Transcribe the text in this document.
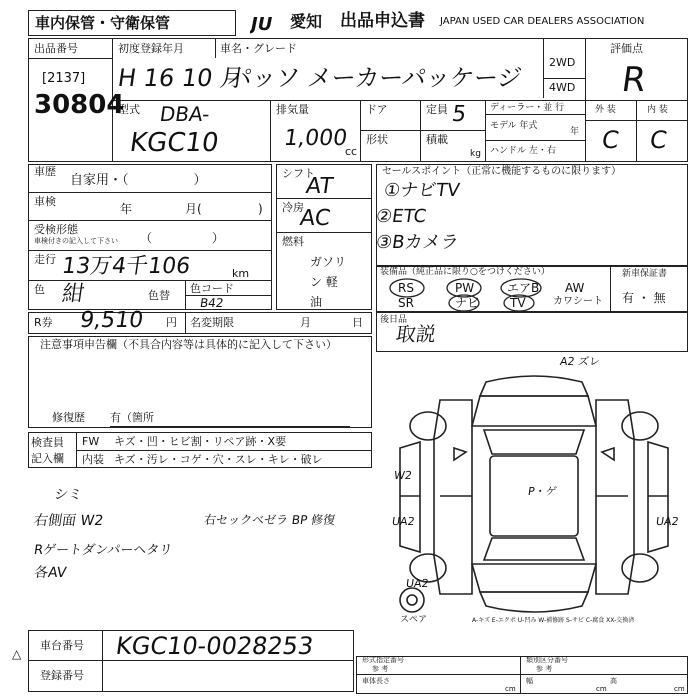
車内保管・守衛保管	JU 愛知 出品申込書 JAPAN USED CAR DEALERS ASSOCIATION
出品番号
[2137]
30804
初度登録年月
H 16 10 月
車名・グレード
パッソ メーカーパッケージ
2WD
4WD
評価点
R
外 装	内 装
C C
型式 DBA-
KGC10
排気量
1,000
cc
ドア
形状
定員 5
積載
kg
ディーラー・並 行
モデル 年式
年
ハンドル 左・右
車歴
自家用・（　　　　　）
車検
年	月(	)
受検形態
車検付きの記入して下さい （　　　　　）
走行 13万4千106	km
色 紺	色替
色コード
B42
シフト
AT
冷房
AC
燃料
ガソリン 軽 油
セールスポイント（正常に機能するものに限ります）
①ナビTV
②ETC
③Bカメラ
装備品（純正品に限り○をつけください）
RS	PW	エアB AW
SR	ナビ	TV	カワシート
新車保証書
有 ・ 無
R券 9,510 円 名変期限	月	日 後日品
取説
注意事項申告欄（不具合内容等は具体的に記入して下さい）
修復歴 有（箇所
検査員
記入欄
FW キズ・凹・ヒビ割・リペア跡・X要
内装 キズ・汚レ・コゲ・穴・スレ・キレ・破レ
シミ
右側面 W2
Rゲートダンパーヘタリ
各AV
右セックベゼラ BP 修復
A2 ズレ
W2
UA2
P・ゲ
UA2
UA2
スペア	A-キズ E-エクボ U-凹み W-補修跡 S-サビ C-腐食 XX-交換済
車台番号 KGC10-0028253
登録番号
△	形式指定番号
参 考
類別区分番号
参 考
車体長さ	幅	高
cm	cm	cm
